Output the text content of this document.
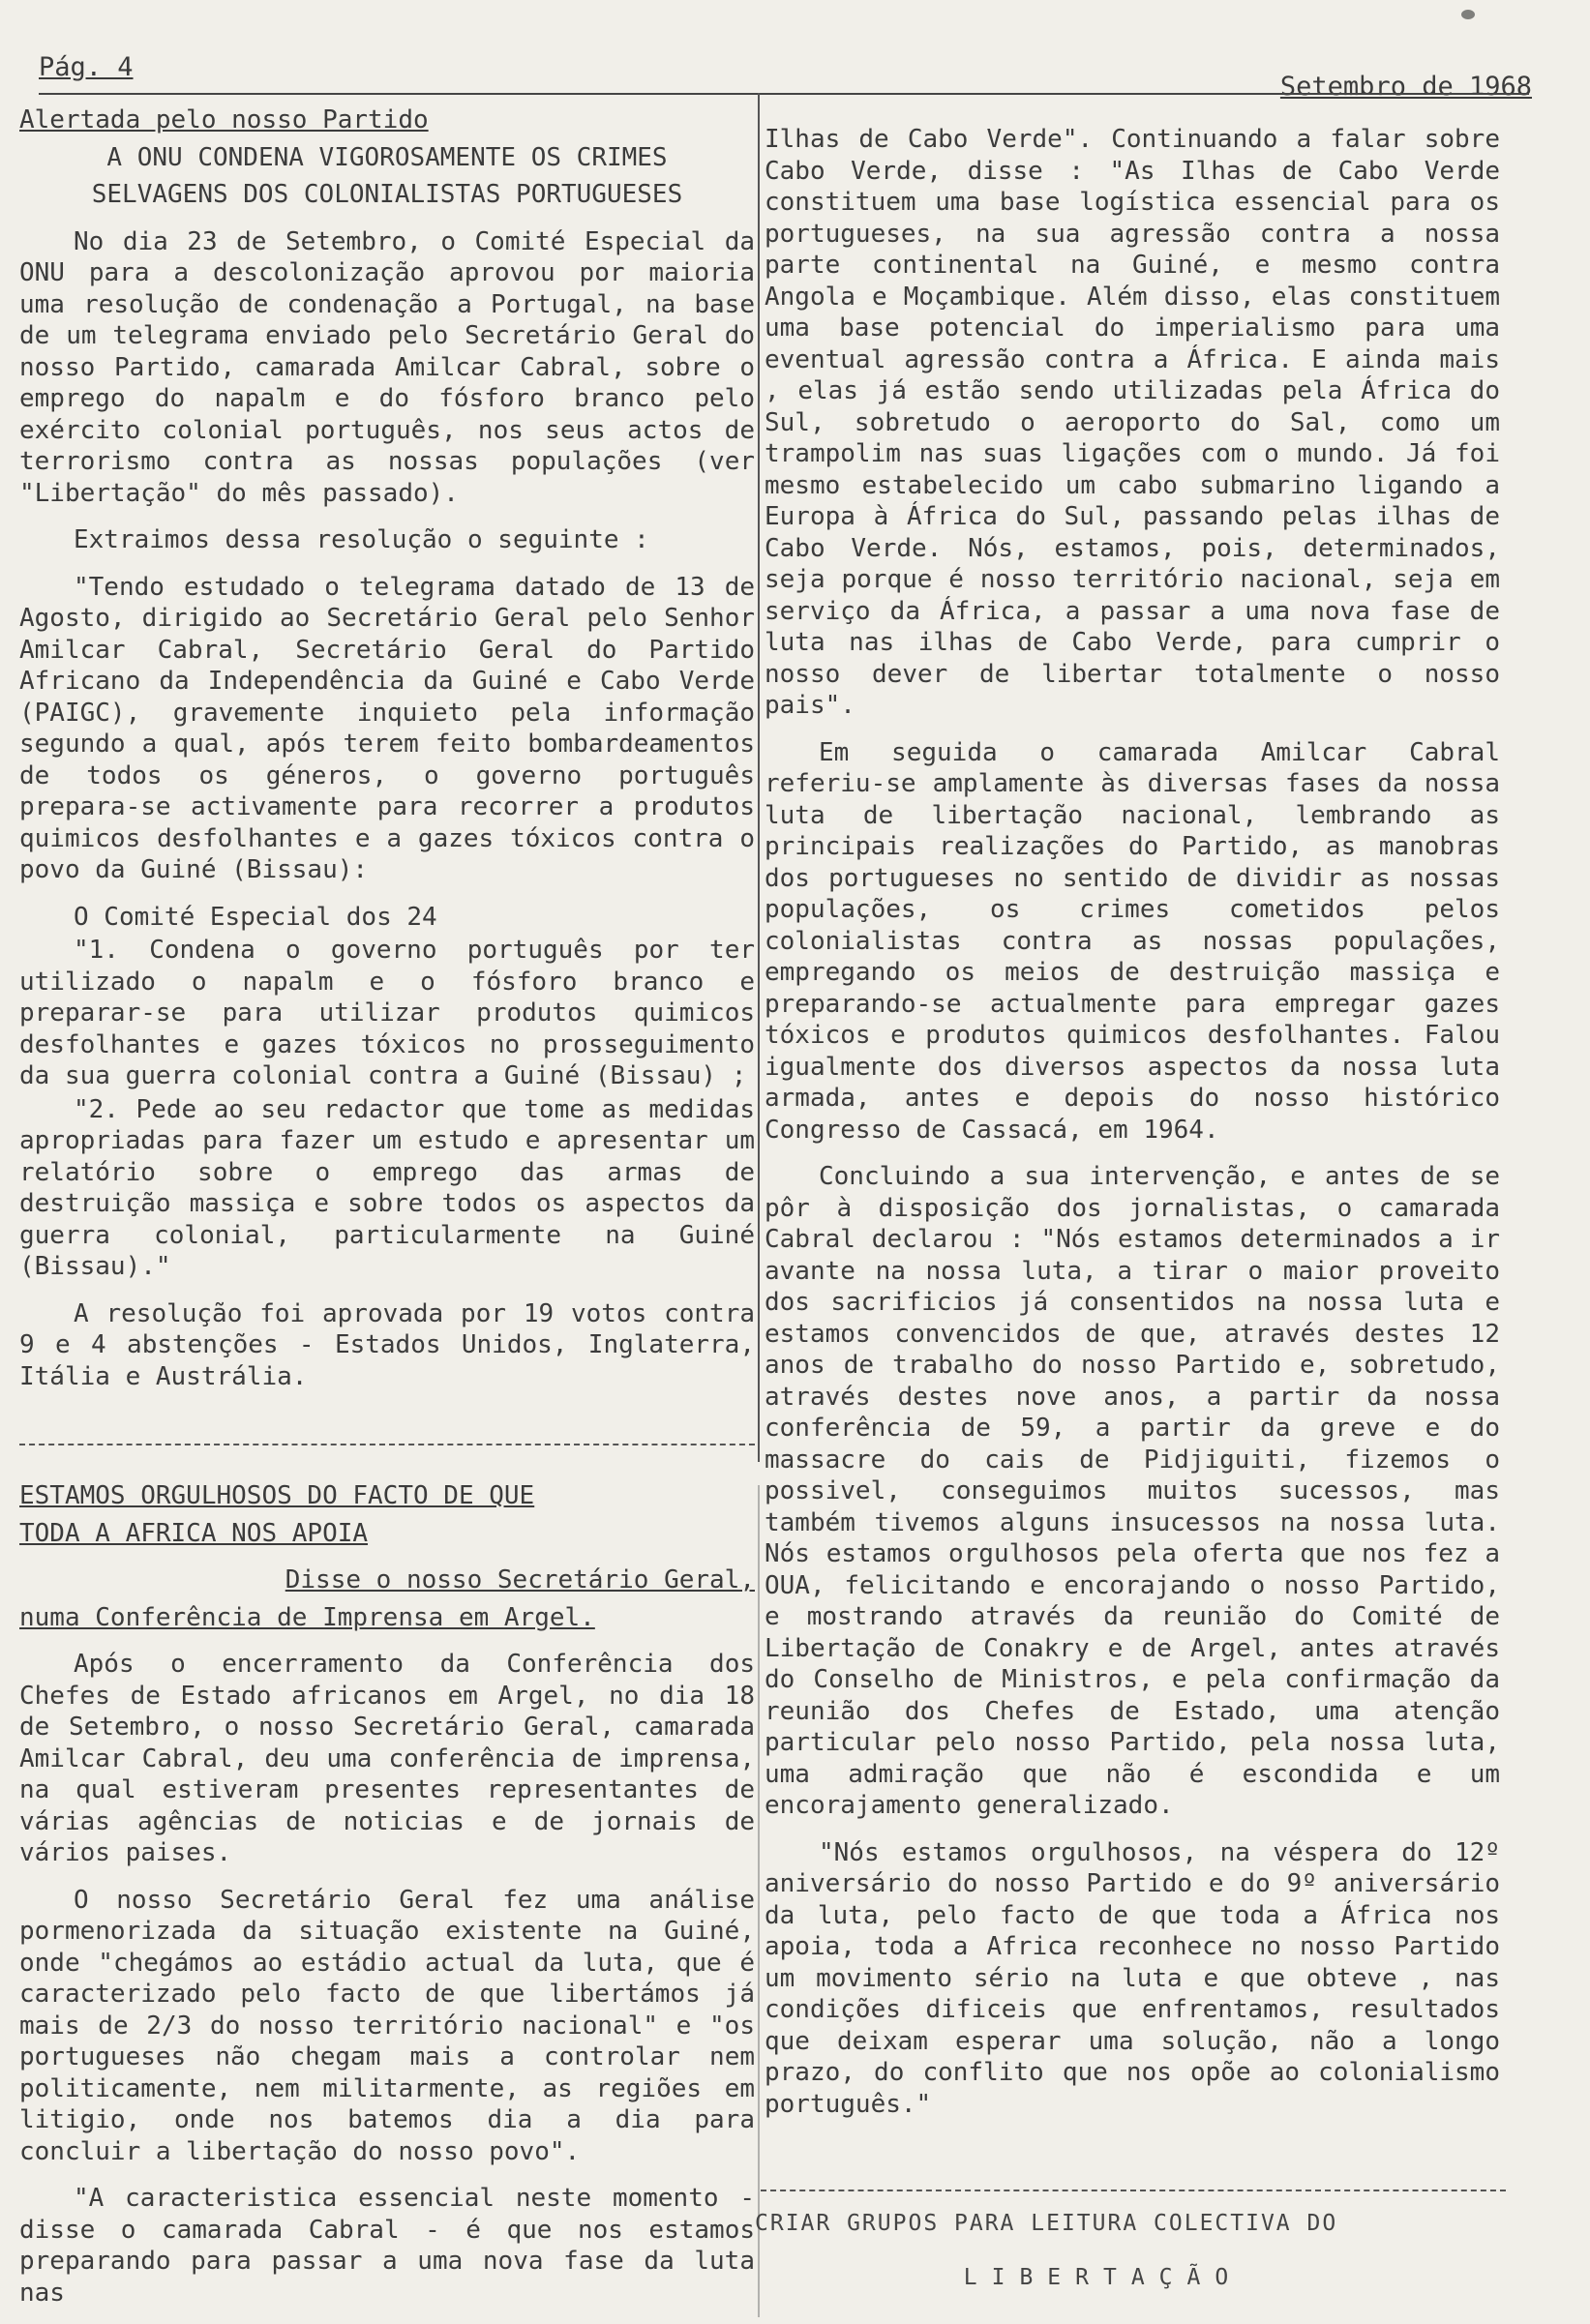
Pág. 4
Setembro de 1968

Alertada pelo nosso Partido

A ONU CONDENA VIGOROSAMENTE OS CRIMES

SELVAGENS DOS COLONIALISTAS PORTUGUESES

No dia 23 de Setembro, o Comité Especial da ONU para a descolonização aprovou por maioria uma resolução de condenação a Portugal, na base de um telegrama enviado pelo Secretário Geral do nosso Partido, camarada Amilcar Cabral, sobre o emprego do napalm e do fósforo branco pelo exército colonial português, nos seus actos de terrorismo contra as nossas populações (ver "Libertação" do mês passado).

Extraimos dessa resolução o seguinte :

"Tendo estudado o telegrama datado de 13 de Agosto, dirigido ao Secretário Geral pelo Senhor Amilcar Cabral, Secretário Geral do Partido Africano da Independência da Guiné e Cabo Verde (PAIGC), gravemente inquieto pela informação segundo a qual, após terem feito bombardeamentos de todos os géneros, o governo português prepara-se activamente para recorrer a produtos quimicos desfolhantes e a gazes tóxicos contra o povo da Guiné (Bissau):

O Comité Especial dos 24

"1. Condena o governo português por ter utilizado o napalm e o fósforo branco e preparar-se para utilizar produtos quimicos desfolhantes e gazes tóxicos no prosseguimento da sua guerra colonial contra a Guiné (Bissau) ;

"2. Pede ao seu redactor que tome as medidas apropriadas para fazer um estudo e apresentar um relatório sobre o emprego das armas de destruição massiça e sobre todos os aspectos da guerra colonial, particularmente na Guiné (Bissau)."

A resolução foi aprovada por 19 votos contra 9 e 4 abstenções - Estados Unidos, Inglaterra, Itália e Austrália.

ESTAMOS ORGULHOSOS DO FACTO DE QUE

TODA A AFRICA NOS APOIA

Disse o nosso Secretário Geral,

numa Conferência de Imprensa em Argel.

Após o encerramento da Conferência dos Chefes de Estado africanos em Argel, no dia 18 de Setembro, o nosso Secretário Geral, camarada Amilcar Cabral, deu uma conferência de imprensa, na qual estiveram presentes representantes de várias agências de noticias e de jornais de vários paises.

O nosso Secretário Geral fez uma análise pormenorizada da situação existente na Guiné, onde "chegámos ao estádio actual da luta, que é caracterizado pelo facto de que libertámos já mais de 2/3 do nosso território nacional" e "os portugueses não chegam mais a controlar nem politicamente, nem militarmente, as regiões em litigio, onde nos batemos dia a dia para concluir a libertação do nosso povo".

"A caracteristica essencial neste momento - disse o camarada Cabral - é que nos estamos preparando para passar a uma nova fase da luta nas

Ilhas de Cabo Verde". Continuando a falar sobre Cabo Verde, disse : "As Ilhas de Cabo Verde constituem uma base logística essencial para os portugueses, na sua agressão contra a nossa parte continental na Guiné, e mesmo contra Angola e Moçambique. Além disso, elas constituem uma base potencial do imperialismo para uma eventual agressão contra a África. E ainda mais , elas já estão sendo utilizadas pela África do Sul, sobretudo o aeroporto do Sal, como um trampolim nas suas ligações com o mundo. Já foi mesmo estabelecido um cabo submarino ligando a Europa à África do Sul, passando pelas ilhas de Cabo Verde. Nós, estamos, pois, determinados, seja porque é nosso território nacional, seja em serviço da África, a passar a uma nova fase de luta nas ilhas de Cabo Verde, para cumprir o nosso dever de libertar totalmente o nosso pais".

Em seguida o camarada Amilcar Cabral referiu-se amplamente às diversas fases da nossa luta de libertação nacional, lembrando as principais realizações do Partido, as manobras dos portugueses no sentido de dividir as nossas populações, os crimes cometidos pelos colonialistas contra as nossas populações, empregando os meios de destruição massiça e preparando-se actualmente para empregar gazes tóxicos e produtos quimicos desfolhantes. Falou igualmente dos diversos aspectos da nossa luta armada, antes e depois do nosso histórico Congresso de Cassacá, em 1964.

Concluindo a sua intervenção, e antes de se pôr à disposição dos jornalistas, o camarada Cabral declarou : "Nós estamos determinados a ir avante na nossa luta, a tirar o maior proveito dos sacrificios já consentidos na nossa luta e estamos convencidos de que, através destes 12 anos de trabalho do nosso Partido e, sobretudo, através destes nove anos, a partir da nossa conferência de 59, a partir da greve e do massacre do cais de Pidjiguiti, fizemos o possivel, conseguimos muitos sucessos, mas também tivemos alguns insucessos na nossa luta. Nós estamos orgulhosos pela oferta que nos fez a OUA, felicitando e encorajando o nosso Partido, e mostrando através da reunião do Comité de Libertação de Conakry e de Argel, antes através do Conselho de Ministros, e pela confirmação da reunião dos Chefes de Estado, uma atenção particular pelo nosso Partido, pela nossa luta, uma admiração que não é escondida e um encorajamento generalizado.

"Nós estamos orgulhosos, na véspera do 12º aniversário do nosso Partido e do 9º aniversário da luta, pelo facto de que toda a África nos apoia, toda a Africa reconhece no nosso Partido um movimento sério na luta e que obteve , nas condições dificeis que enfrentamos, resultados que deixam esperar uma solução, não a longo prazo, do conflito que nos opõe ao colonialismo português."

CRIAR GRUPOS PARA LEITURA COLECTIVA DO
LIBERTAÇÃO
